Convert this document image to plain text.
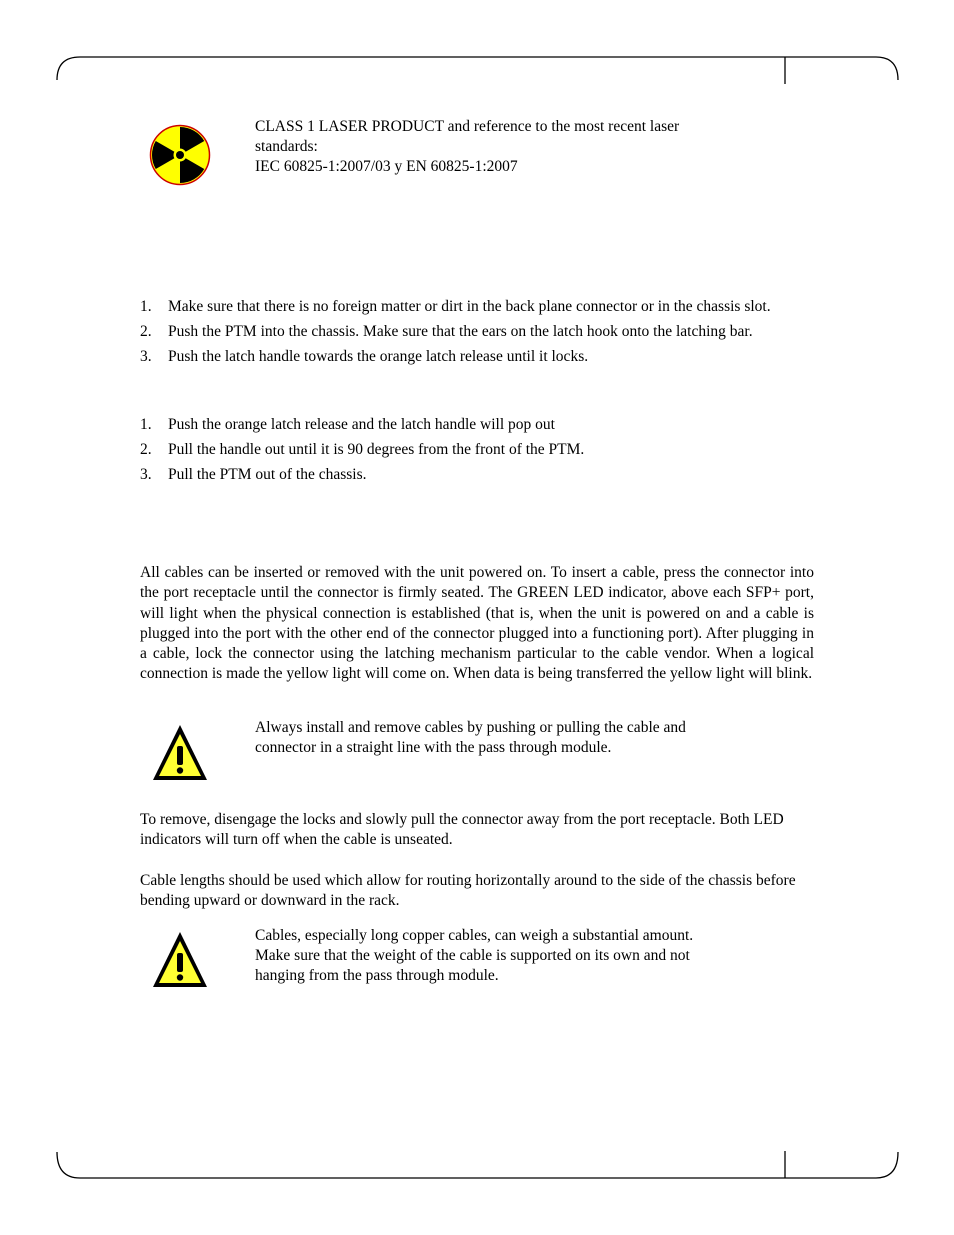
CLASS 1 LASER PRODUCT and reference to the most recent laser
standards:
IEC 60825-1:2007/03 y EN 60825-1:2007
1. Make sure that there is no foreign matter or dirt in the back plane connector or in the chassis slot.
2. Push the PTM into the chassis. Make sure that the ears on the latch hook onto the latching bar.
3. Push the latch handle towards the orange latch release until it locks.
1. Push the orange latch release and the latch handle will pop out
2. Pull the handle out until it is 90 degrees from the front of the PTM.
3. Pull the PTM out of the chassis.

All cables can be inserted or removed with the unit powered on. To insert a cable, press the connector into the port receptacle until the connector is firmly seated. The GREEN LED indicator, above each SFP+ port, will light when the physical connection is established (that is, when the unit is powered on and a cable is plugged into the port with the other end of the connector plugged into a functioning port). After plugging in a cable, lock the connector using the latching mechanism particular to the cable vendor. When a logical connection is made the yellow light will come on. When data is being transferred the yellow light will blink.

Always install and remove cables by pushing or pulling the cable and
connector in a straight line with the pass through module.

To remove, disengage the locks and slowly pull the connector away from the port receptacle. Both LED indicators will turn off when the cable is unseated.

Cable lengths should be used which allow for routing horizontally around to the side of the chassis before bending upward or downward in the rack.

Cables, especially long copper cables, can weigh a substantial amount.
Make sure that the weight of the cable is supported on its own and not
hanging from the pass through module.
